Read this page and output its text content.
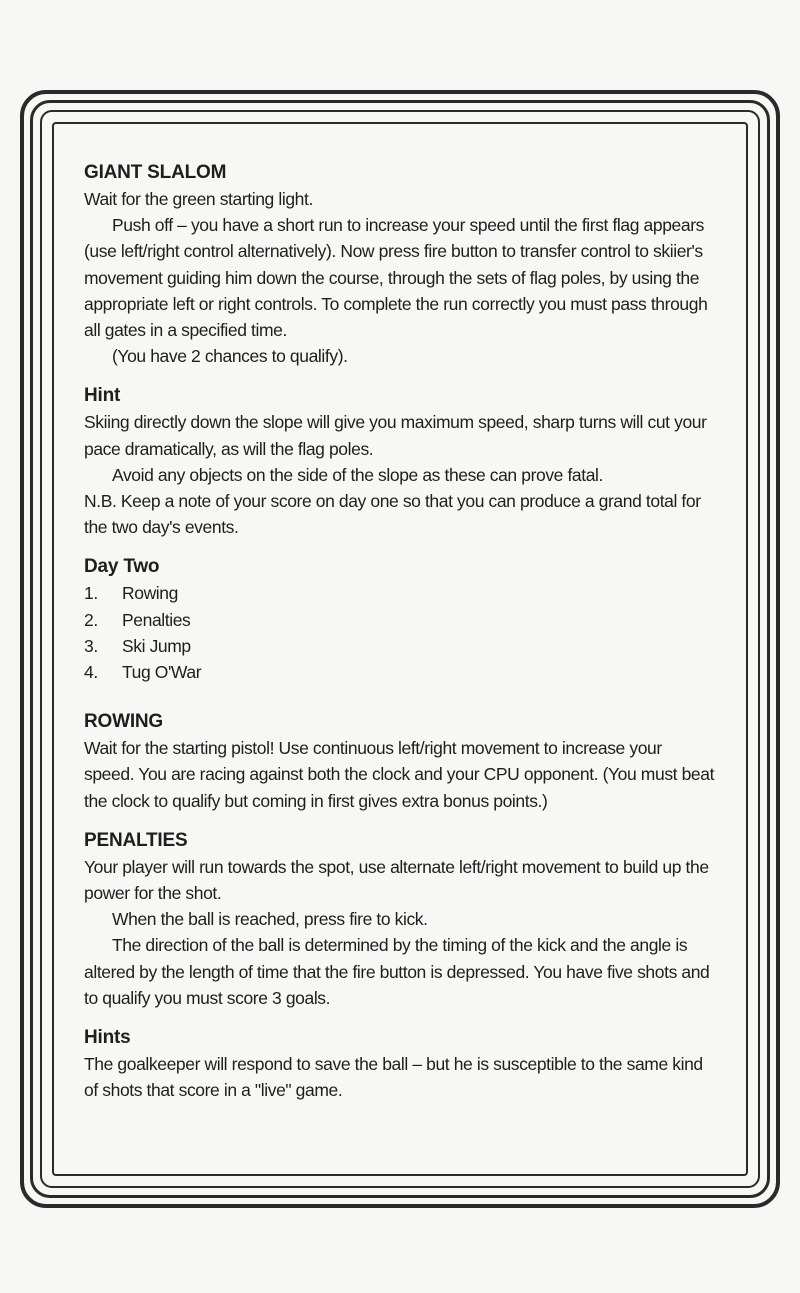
GIANT SLALOM

Wait for the green starting light.

Push off – you have a short run to increase your speed until the first flag appears (use left/right control alternatively). Now press fire button to transfer control to skiier's movement guiding him down the course, through the sets of flag poles, by using the appropriate left or right controls. To complete the run correctly you must pass through all gates in a specified time.

(You have 2 chances to qualify).

Hint

Skiing directly down the slope will give you maximum speed, sharp turns will cut your pace dramatically, as will the flag poles.

Avoid any objects on the side of the slope as these can prove fatal.

N.B. Keep a note of your score on day one so that you can produce a grand total for the two day's events.

Day Two
1.	Rowing
2.	Penalties
3.	Ski Jump
4.	Tug O'War
ROWING

Wait for the starting pistol! Use continuous left/right movement to increase your speed. You are racing against both the clock and your CPU opponent. (You must beat the clock to qualify but coming in first gives extra bonus points.)

PENALTIES

Your player will run towards the spot, use alternate left/right movement to build up the power for the shot.

When the ball is reached, press fire to kick.

The direction of the ball is determined by the timing of the kick and the angle is altered by the length of time that the fire button is depressed. You have five shots and to qualify you must score 3 goals.

Hints

The goalkeeper will respond to save the ball – but he is susceptible to the same kind of shots that score in a "live" game.
